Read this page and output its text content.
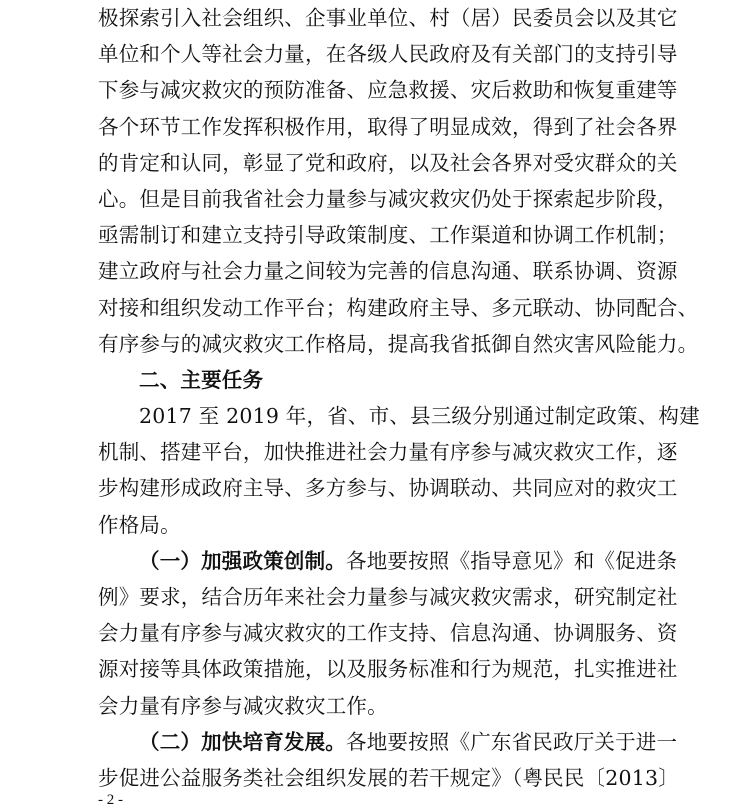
极探索引入社会组织、企事业单位、村（居）民委员会以及其它
单位和个人等社会力量，在各级人民政府及有关部门的支持引导
下参与减灾救灾的预防准备、应急救援、灾后救助和恢复重建等
各个环节工作发挥积极作用，取得了明显成效，得到了社会各界
的肯定和认同，彰显了党和政府，以及社会各界对受灾群众的关
心。但是目前我省社会力量参与减灾救灾仍处于探索起步阶段，
亟需制订和建立支持引导政策制度、工作渠道和协调工作机制；
建立政府与社会力量之间较为完善的信息沟通、联系协调、资源
对接和组织发动工作平台；构建政府主导、多元联动、协同配合、
有序参与的减灾救灾工作格局，提高我省抵御自然灾害风险能力。
二、主要任务
2017 至 2019 年，省、市、县三级分别通过制定政策、构建
机制、搭建平台，加快推进社会力量有序参与减灾救灾工作，逐
步构建形成政府主导、多方参与、协调联动、共同应对的救灾工
作格局。
（一）加强政策创制。各地要按照《指导意见》和《促进条
例》要求，结合历年来社会力量参与减灾救灾需求，研究制定社
会力量有序参与减灾救灾的工作支持、信息沟通、协调服务、资
源对接等具体政策措施，以及服务标准和行为规范，扎实推进社
会力量有序参与减灾救灾工作。
（二）加快培育发展。各地要按照《广东省民政厅关于进一
步促进公益服务类社会组织发展的若干规定》（粤民民〔2013〕
- 2 -
